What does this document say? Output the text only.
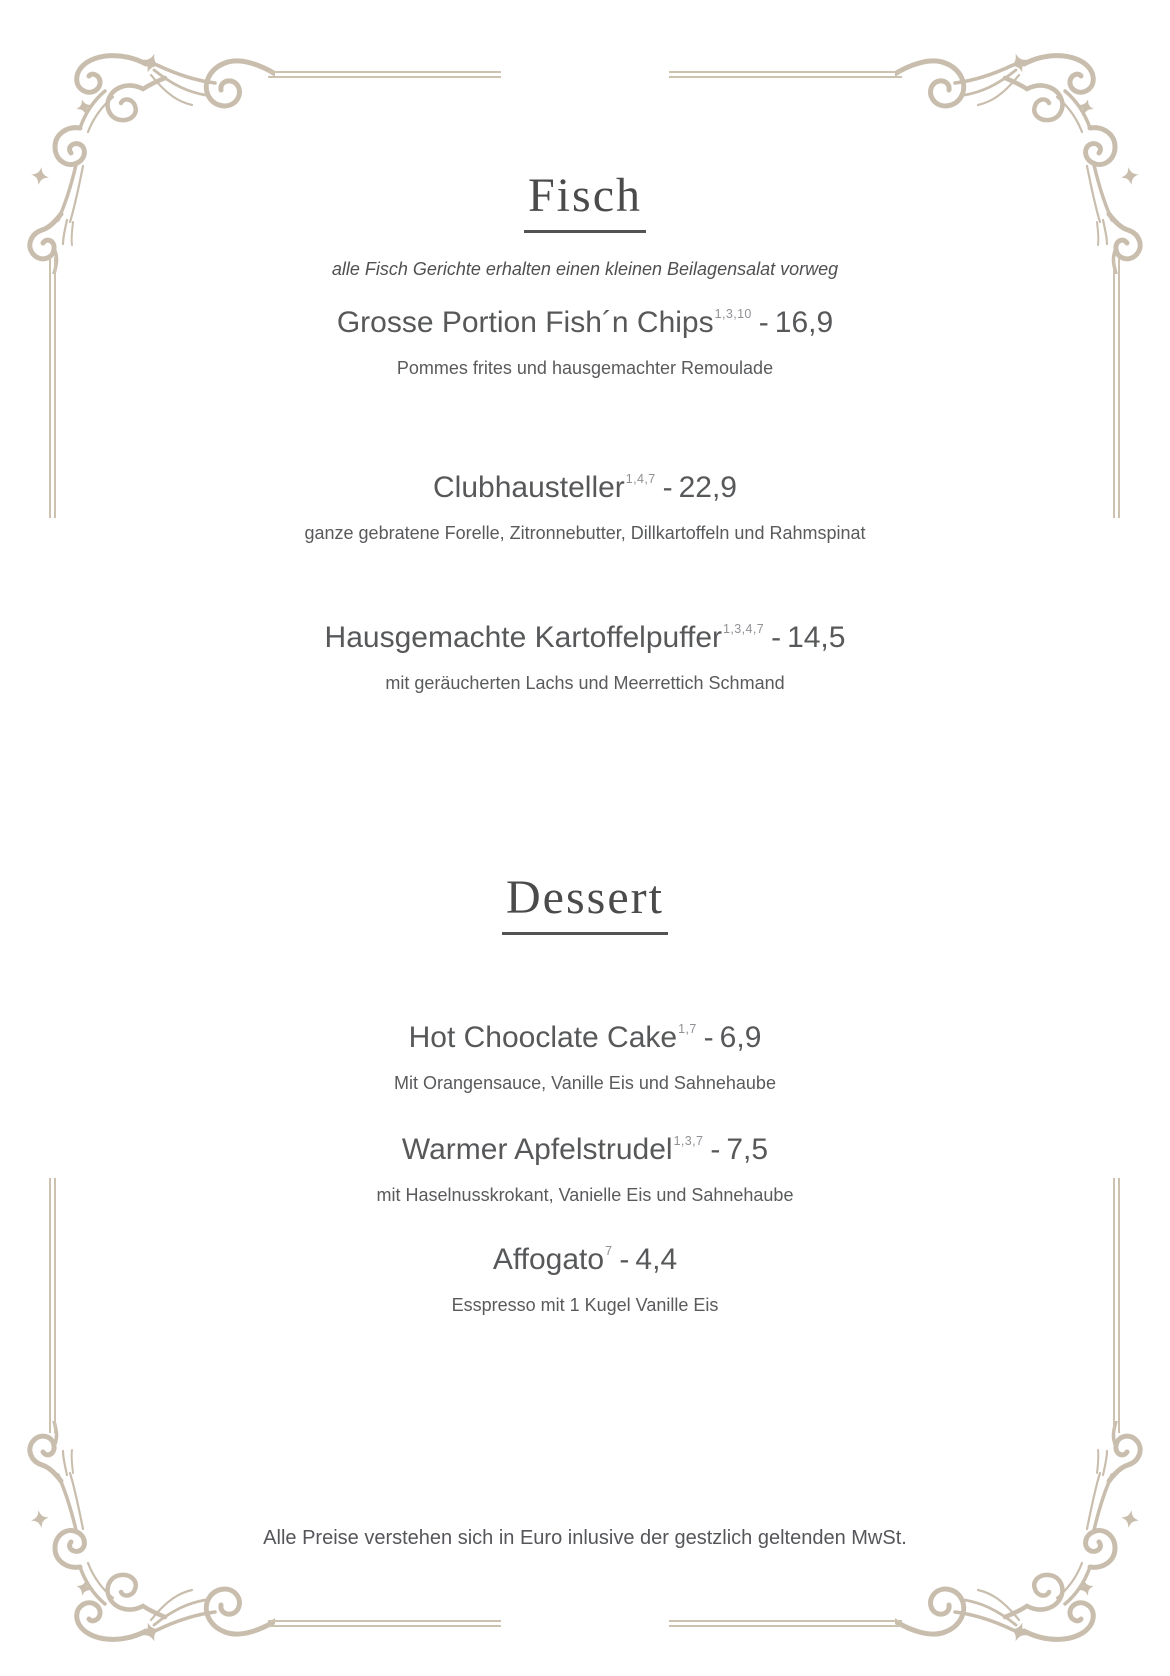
Fisch

alle Fisch Gerichte erhalten einen kleinen Beilagensalat vorweg

Grosse Portion Fish´n Chips$^{1,3,10}$ - 16,9

Pommes frites und hausgemachter Remoulade

Clubhausteller$^{1,4,7}$ - 22,9

ganze gebratene Forelle, Zitronnebutter, Dillkartoffeln und Rahmspinat

Hausgemachte Kartoffelpuffer$^{1,3,4,7}$ - 14,5

mit geräucherten Lachs und Meerrettich Schmand

Dessert
Hot Chooclate Cake$^{1,7}$ - 6,9

Mit Orangensauce, Vanille Eis und Sahnehaube

Warmer Apfelstrudel$^{1,3,7}$ - 7,5

mit Haselnusskrokant, Vanielle Eis und Sahnehaube

Affogato$^7$ - 4,4

Esspresso mit 1 Kugel Vanille Eis

Alle Preise verstehen sich in Euro inlusive der gestzlich geltenden MwSt.
